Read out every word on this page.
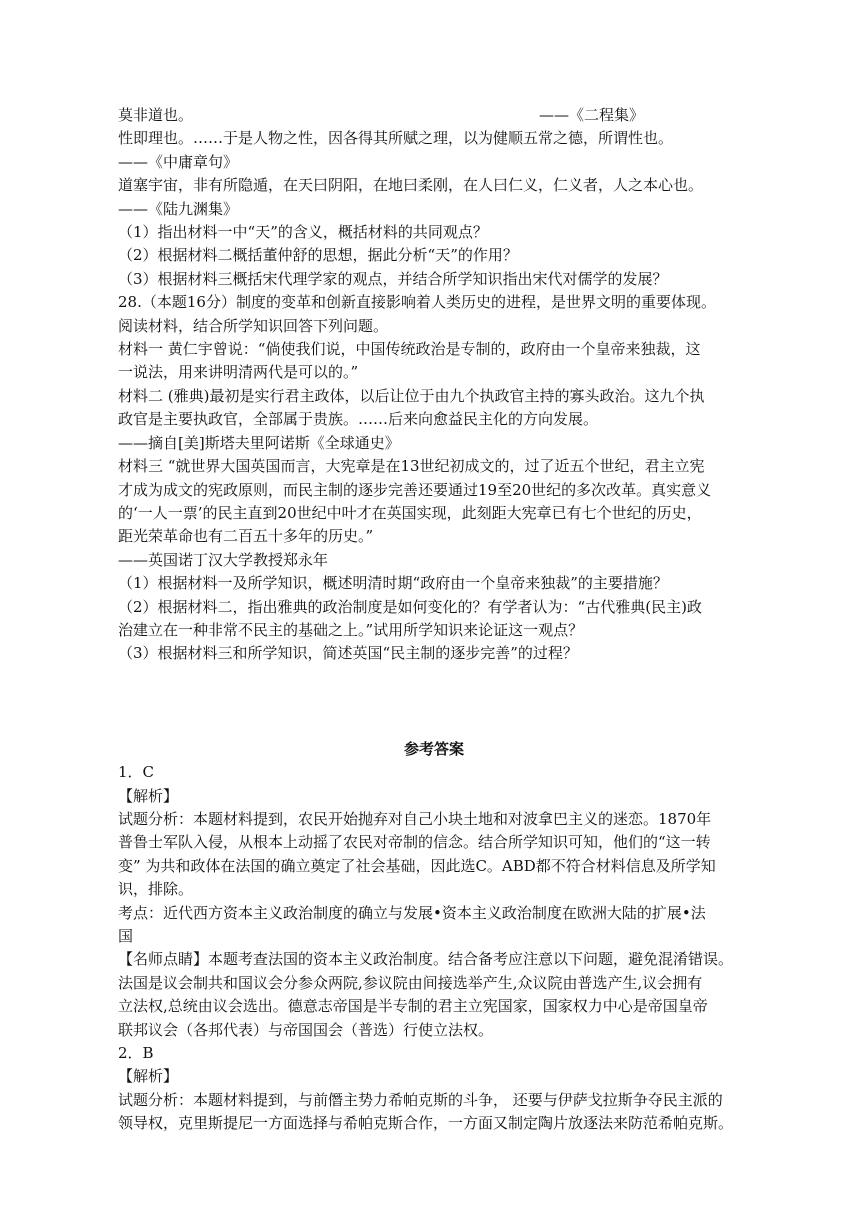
莫非道也。	——《二程集》

性即理也。……于是人物之性，因各得其所赋之理，以为健顺五常之德，所谓性也。

——《中庸章句》

道塞宇宙，非有所隐遁，在天曰阴阳，在地曰柔刚，在人曰仁义，仁义者，人之本心也。

——《陆九渊集》

（1）指出材料一中“天”的含义，概括材料的共同观点？

（2）根据材料二概括董仲舒的思想，据此分析“天”的作用？

（3）根据材料三概括宋代理学家的观点，并结合所学知识指出宋代对儒学的发展？

28.（本题16分）制度的变革和创新直接影响着人类历史的进程，是世界文明的重要体现。

阅读材料，结合所学知识回答下列问题。

材料一 黄仁宇曾说：“倘使我们说，中国传统政治是专制的，政府由一个皇帝来独裁，这

一说法，用来讲明清两代是可以的。”

材料二 (雅典)最初是实行君主政体，以后让位于由九个执政官主持的寡头政治。这九个执

政官是主要执政官，全部属于贵族。……后来向愈益民主化的方向发展。

——摘自[美]斯塔夫里阿诺斯《全球通史》

材料三 “就世界大国英国而言，大宪章是在13世纪初成文的，过了近五个世纪，君主立宪

才成为成文的宪政原则，而民主制的逐步完善还要通过19至20世纪的多次改革。真实意义

的‘一人一票’的民主直到20世纪中叶才在英国实现，此刻距大宪章已有七个世纪的历史，

距光荣革命也有二百五十多年的历史。”

——英国诺丁汉大学教授郑永年

（1）根据材料一及所学知识，概述明清时期“政府由一个皇帝来独裁”的主要措施？

（2）根据材料二，指出雅典的政治制度是如何变化的？有学者认为：“古代雅典(民主)政

治建立在一种非常不民主的基础之上。”试用所学知识来论证这一观点？

（3）根据材料三和所学知识，简述英国“民主制的逐步完善”的过程？

参考答案

1．C

【解析】

试题分析：本题材料提到，农民开始抛弃对自己小块土地和对波拿巴主义的迷恋。1870年

普鲁士军队入侵，从根本上动摇了农民对帝制的信念。结合所学知识可知，他们的“这一转

变” 为共和政体在法国的确立奠定了社会基础，因此选C。ABD都不符合材料信息及所学知

识，排除。

考点：近代西方资本主义政治制度的确立与发展•资本主义政治制度在欧洲大陆的扩展•法

国

【名师点睛】本题考查法国的资本主义政治制度。结合备考应注意以下问题，避免混淆错误。

法国是议会制共和国议会分参众两院,参议院由间接选举产生,众议院由普选产生,议会拥有

立法权,总统由议会选出。德意志帝国是半专制的君主立宪国家，国家权力中心是帝国皇帝

联邦议会（各邦代表）与帝国国会（普选）行使立法权。

2．B

【解析】

试题分析：本题材料提到，与前僭主势力希帕克斯的斗争， 还要与伊萨戈拉斯争夺民主派的

领导权，克里斯提尼一方面选择与希帕克斯合作，一方面又制定陶片放逐法来防范希帕克斯。
